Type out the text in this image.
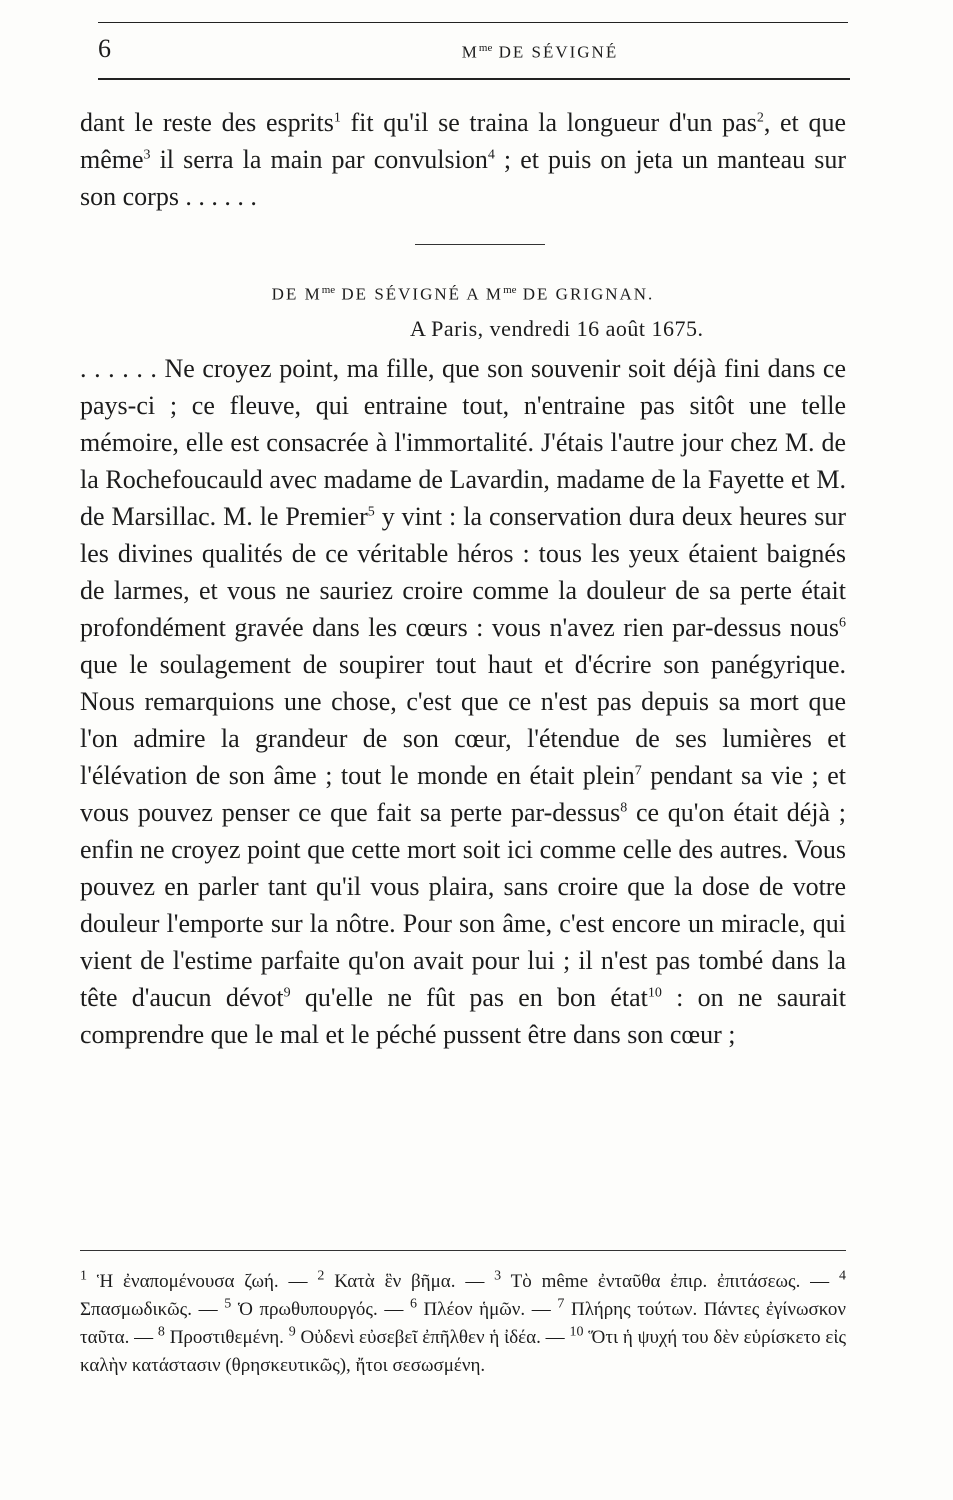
6	$M^{me}$ DE SÉVIGNÉ

dant le reste des esprits$^1$ fit qu'il se traina la longueur d'un pas$^2$, et que même$^3$ il serra la main par convulsion$^4$ ; et puis on jeta un manteau sur son corps . . . . . .

DE $M^{me}$ DE SÉVIGNÉ A $M^{me}$ DE GRIGNAN.
A Paris, vendredi 16 août 1675.

. . . . . . Ne croyez point, ma fille, que son souvenir soit déjà fini dans ce pays-ci ; ce fleuve, qui entraine tout, n'entraine pas sitôt une telle mémoire, elle est consacrée à l'immortalité. J'étais l'autre jour chez M. de la Rochefoucauld avec madame de Lavardin, madame de la Fayette et M. de Marsillac. M. le Premier$^5$ y vint : la conservation dura deux heures sur les divines qualités de ce véritable héros : tous les yeux étaient baignés de larmes, et vous ne sauriez croire comme la douleur de sa perte était profondément gravée dans les cœurs : vous n'avez rien par-dessus nous$^6$ que le soulagement de soupirer tout haut et d'écrire son panégyrique. Nous remarquions une chose, c'est que ce n'est pas depuis sa mort que l'on admire la grandeur de son cœur, l'étendue de ses lumières et l'élévation de son âme ; tout le monde en était plein$^7$ pendant sa vie ; et vous pouvez penser ce que fait sa perte par-dessus$^8$ ce qu'on était déjà ; enfin ne croyez point que cette mort soit ici comme celle des autres. Vous pouvez en parler tant qu'il vous plaira, sans croire que la dose de votre douleur l'emporte sur la nôtre. Pour son âme, c'est encore un miracle, qui vient de l'estime parfaite qu'on avait pour lui ; il n'est pas tombé dans la tête d'aucun dévot$^9$ qu'elle ne fût pas en bon état$^{10}$ : on ne saurait comprendre que le mal et le péché pussent être dans son cœur ;

$^1$ Ἡ ἐναπομένουσα ζωή. — $^2$ Κατὰ ἓν βῆμα. — $^3$ Τὸ même ἐνταῦθα ἐπιρ. ἐπιτάσεως. — $^4$ Σπασμωδικῶς. — $^5$ Ὁ πρωθυπουργός. — $^6$ Πλέον ἡμῶν. — $^7$ Πλήρης τούτων. Πάντες ἐγίνωσκον ταῦτα. — $^8$ Προστιθεμένη. $^9$ Οὐδενὶ εὐσεβεῖ ἐπῆλθεν ἡ ἰδέα. — $^{10}$ Ὅτι ἡ ψυχή του δὲν εὑρίσκετο εἰς καλὴν κατάστασιν (θρησκευτικῶς), ἤτοι σεσωσμένη.
